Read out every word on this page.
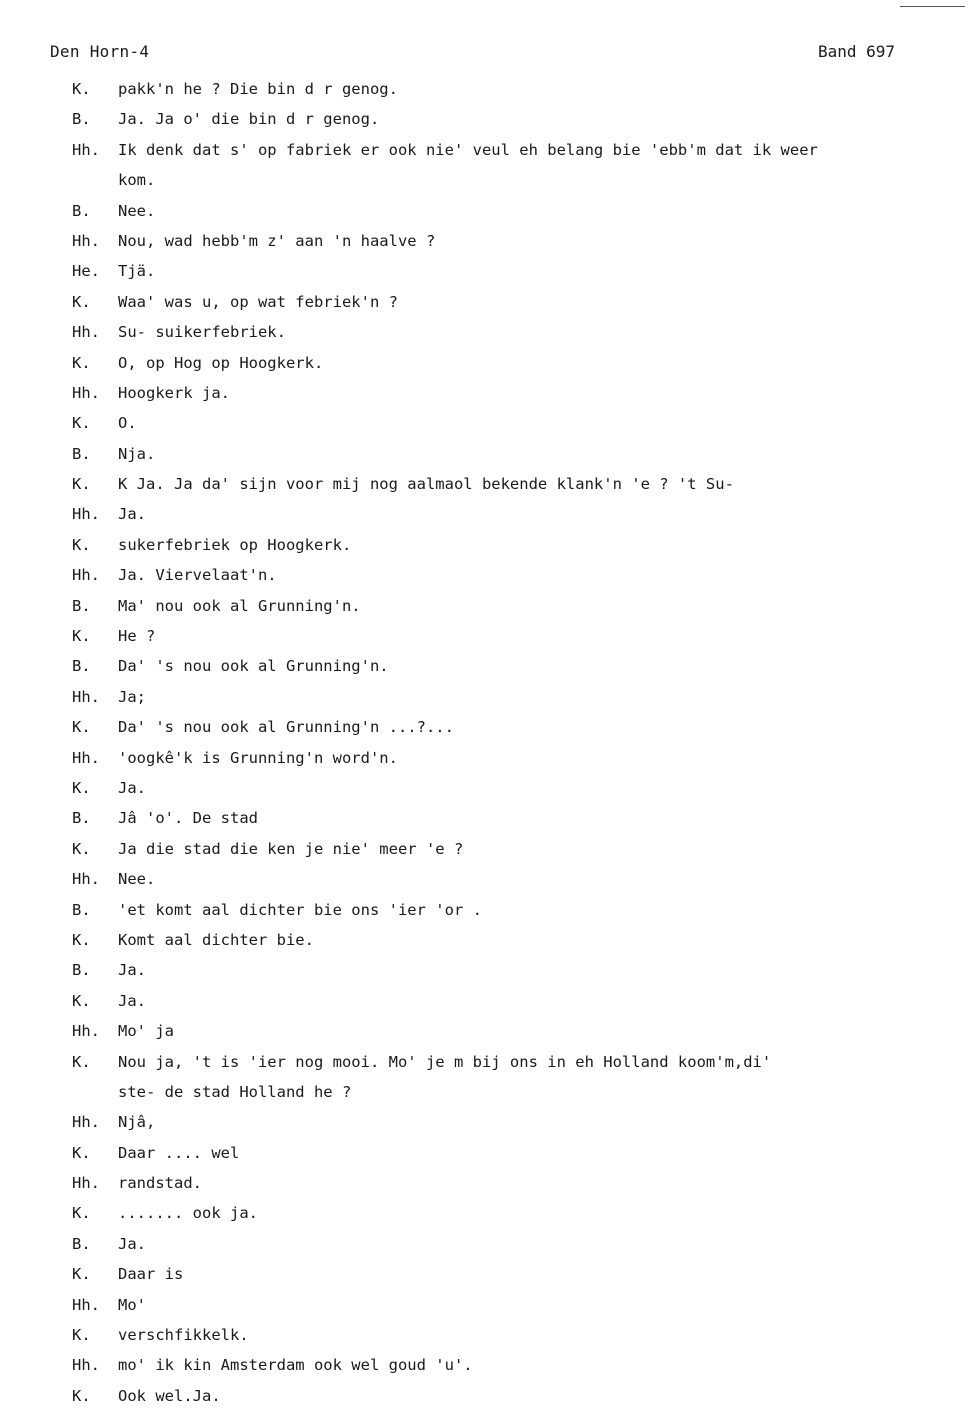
Den Horn-4	Band 697
K.	pakk'n he ? Die bin d r genog.
B.	Ja. Ja o' die bin d r genog.
Hh.	Ik denk dat s' op fabriek er ook nie' veul eh belang bie 'ebb'm dat ik weer
kom.
B.	Nee.
Hh.	Nou, wad hebb'm z' aan 'n haalve ?
He.	Tjä.
K.	Waa' was u, op wat febriek'n ?
Hh.	Su- suikerfebriek.
K.	O, op Hog op Hoogkerk.
Hh.	Hoogkerk ja.
K.	O.
B.	Nja.
K.	K Ja. Ja da' sijn voor mij nog aalmaol bekende klank'n 'e ? 't Su-
Hh.	Ja.
K.	sukerfebriek op Hoogkerk.
Hh.	Ja. Viervelaat'n.
B.	Ma' nou ook al Grunning'n.
K.	He ?
B.	Da' 's nou ook al Grunning'n.
Hh.	Ja;
K.	Da' 's nou ook al Grunning'n ...?...
Hh.	'oogkê'k is Grunning'n word'n.
K.	Ja.
B.	Jâ 'o'. De stad
K.	Ja die stad die ken je nie' meer 'e ?
Hh.	Nee.
B.	'et komt aal dichter bie ons 'ier 'or .
K.	Komt aal dichter bie.
B.	Ja.
K.	Ja.
Hh.	Mo' ja
K.	Nou ja, 't is 'ier nog mooi. Mo' je m bij ons in eh Holland koom'm,di'
ste- de stad Holland he ?
Hh.	Njâ,
K.	Daar .... wel
Hh.	randstad.
K.	....... ook ja.
B.	Ja.
K.	Daar is
Hh.	Mo'
K.	verschfikkelk.
Hh.	mo' ik kin Amsterdam ook wel goud 'u'.
K.	Ook wel.Ja.
